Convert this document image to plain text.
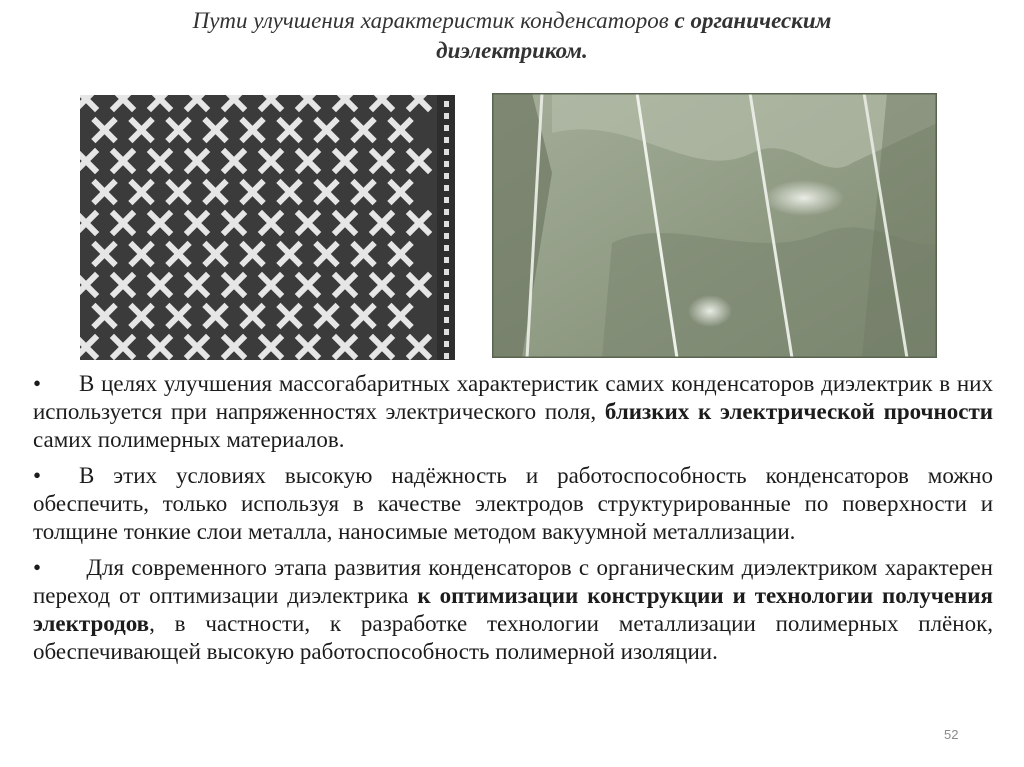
Пути улучшения характеристик конденсаторов с органическим
диэлектриком.
• В целях улучшения массогабаритных характеристик самих конденсаторов диэлектрик в них используется при напряженностях электрического поля, близких к электрической прочности самих полимерных материалов.
• В этих условиях высокую надёжность и работоспособность конденсаторов можно обеспечить, только используя в качестве электродов структурированные по поверхности и толщине тонкие слои металла, наносимые методом вакуумной металлизации.
• Для современного этапа развития конденсаторов с органическим диэлектриком характерен переход от оптимизации диэлектрика к оптимизации конструкции и технологии получения электродов, в частности, к разработке технологии металлизации полимерных плёнок, обеспечивающей высокую работоспособность полимерной изоляции.
52
